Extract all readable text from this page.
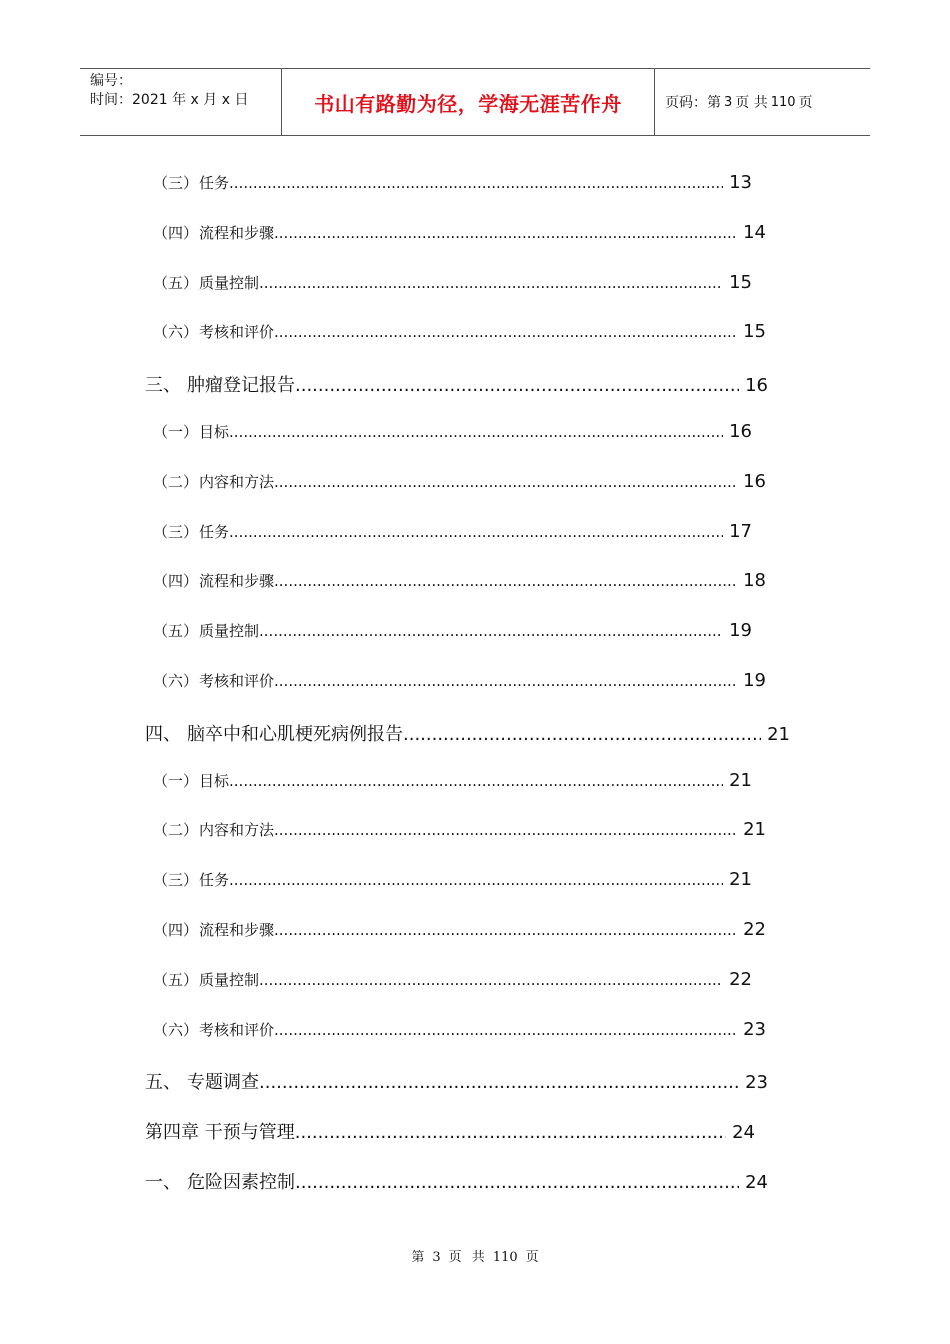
编号：
时间：2021 年 x 月 x 日	书山有路勤为径，学海无涯苦作舟	页码：第 3 页 共 110 页
（三） 任务... .....	13
（四） 流程和步骤 .....	14
（五） 质量控制... .....	15
（六） 考核和评价 .....	15
三、 肿瘤登记报告 .....	16
（一） 目标... .....	16
（二） 内容和方法 .....	16
（三） 任务... .....	17
（四） 流程和步骤 .....	18
（五） 质量控制... .....	19
（六） 考核和评价 .....	19
四、 脑卒中和心肌梗死病例报告 .....	21
（一） 目标... .....	21
（二） 内容和方法 .....	21
（三） 任务... .....	21
（四） 流程和步骤 .....	22
（五） 质量控制... .....	22
（六） 考核和评价 .....	23
五、 专题调查 .....	23
第四章 干预与管理 .....	24
一、 危险因素控制 .....	24
第 3 页 共 110 页
